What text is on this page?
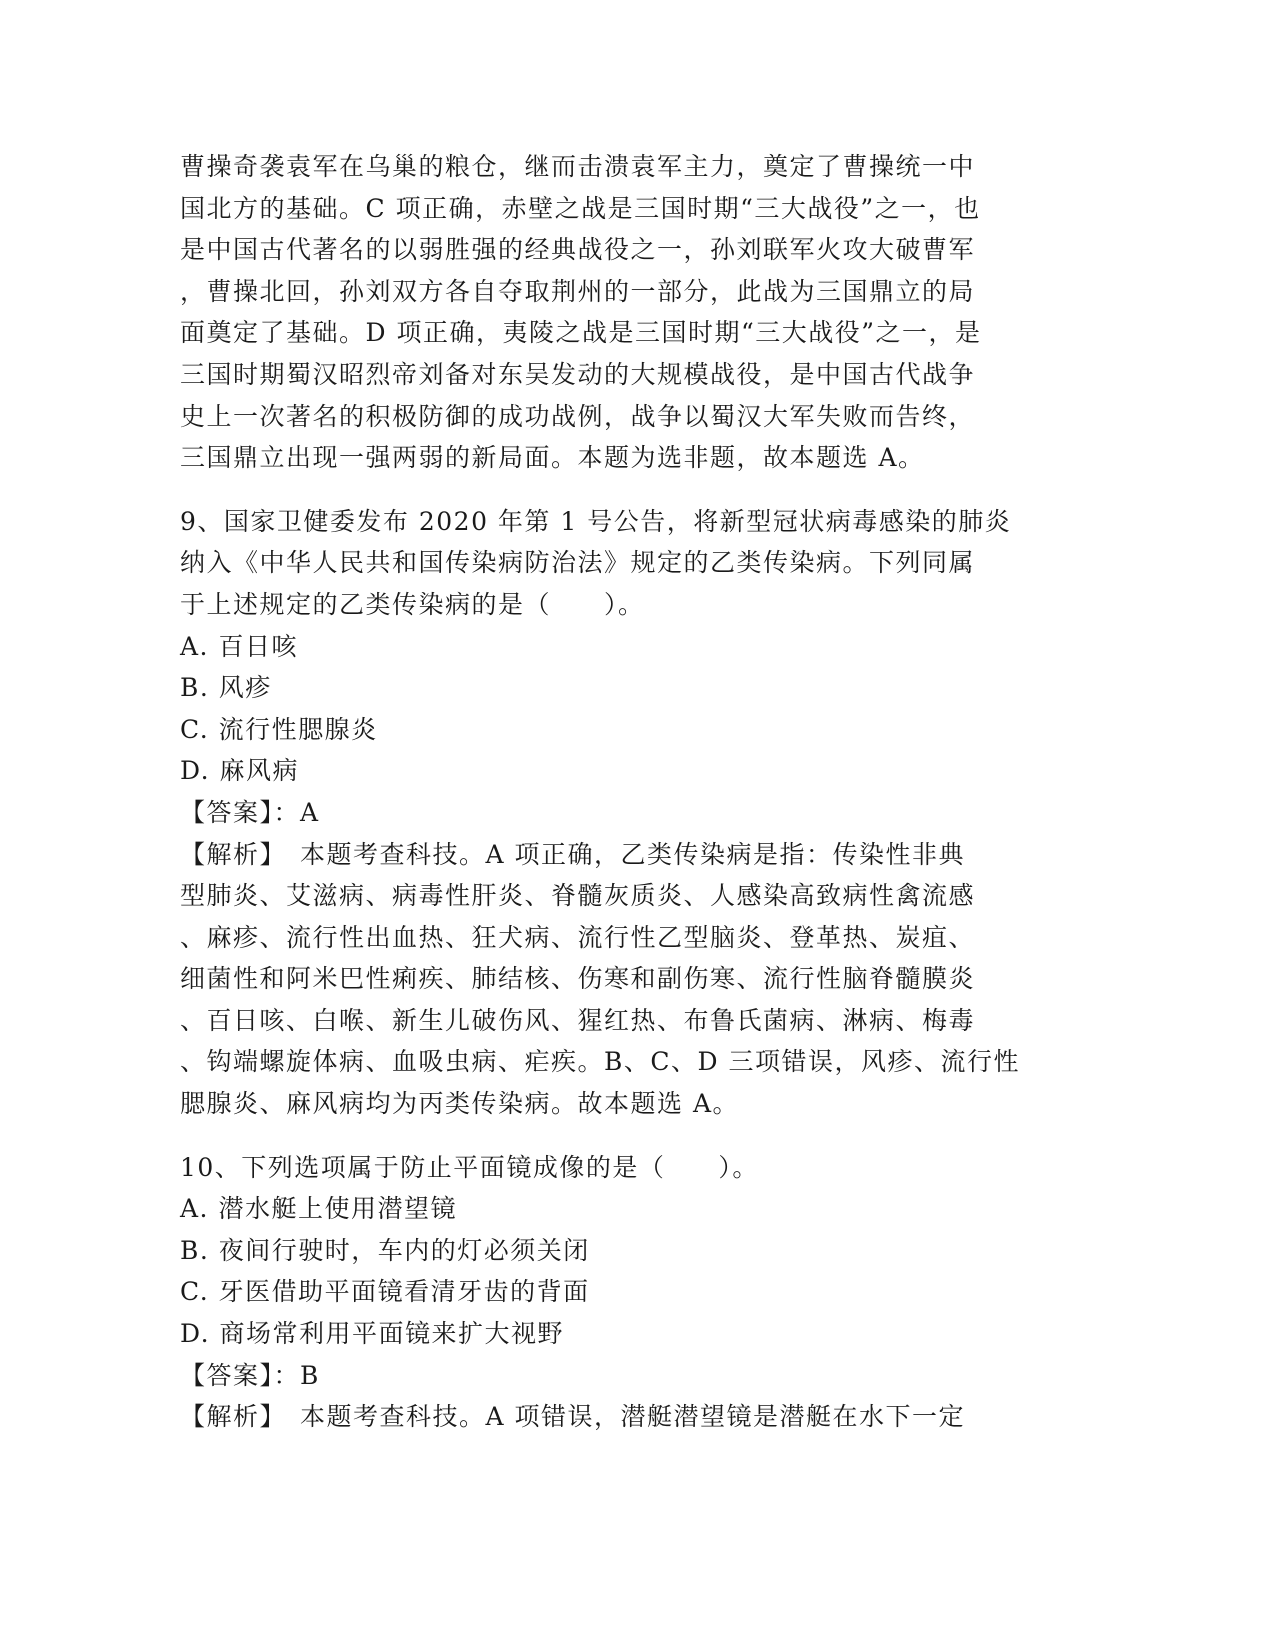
曹操奇袭袁军在乌巢的粮仓，继而击溃袁军主力，奠定了曹操统一中
国北方的基础。C 项正确，赤壁之战是三国时期“三大战役”之一，也
是中国古代著名的以弱胜强的经典战役之一，孙刘联军火攻大破曹军
，曹操北回，孙刘双方各自夺取荆州的一部分，此战为三国鼎立的局
面奠定了基础。D 项正确，夷陵之战是三国时期“三大战役”之一，是
三国时期蜀汉昭烈帝刘备对东吴发动的大规模战役，是中国古代战争
史上一次著名的积极防御的成功战例，战争以蜀汉大军失败而告终，
三国鼎立出现一强两弱的新局面。本题为选非题，故本题选 A。
9、国家卫健委发布 2020 年第 1 号公告，将新型冠状病毒感染的肺炎
纳入《中华人民共和国传染病防治法》规定的乙类传染病。下列同属
于上述规定的乙类传染病的是（　　）。
A. 百日咳
B. 风疹
C. 流行性腮腺炎
D. 麻风病
【答案】：A
【解析】　本题考查科技。A 项正确，乙类传染病是指：传染性非典
型肺炎、艾滋病、病毒性肝炎、脊髓灰质炎、人感染高致病性禽流感
、麻疹、流行性出血热、狂犬病、流行性乙型脑炎、登革热、炭疽、
细菌性和阿米巴性痢疾、肺结核、伤寒和副伤寒、流行性脑脊髓膜炎
、百日咳、白喉、新生儿破伤风、猩红热、布鲁氏菌病、淋病、梅毒
、钩端螺旋体病、血吸虫病、疟疾。B、C、D 三项错误，风疹、流行性
腮腺炎、麻风病均为丙类传染病。故本题选 A。
10、下列选项属于防止平面镜成像的是（　　）。
A. 潜水艇上使用潜望镜
B. 夜间行驶时，车内的灯必须关闭
C. 牙医借助平面镜看清牙齿的背面
D. 商场常利用平面镜来扩大视野
【答案】：B
【解析】　本题考查科技。A 项错误，潜艇潜望镜是潜艇在水下一定
